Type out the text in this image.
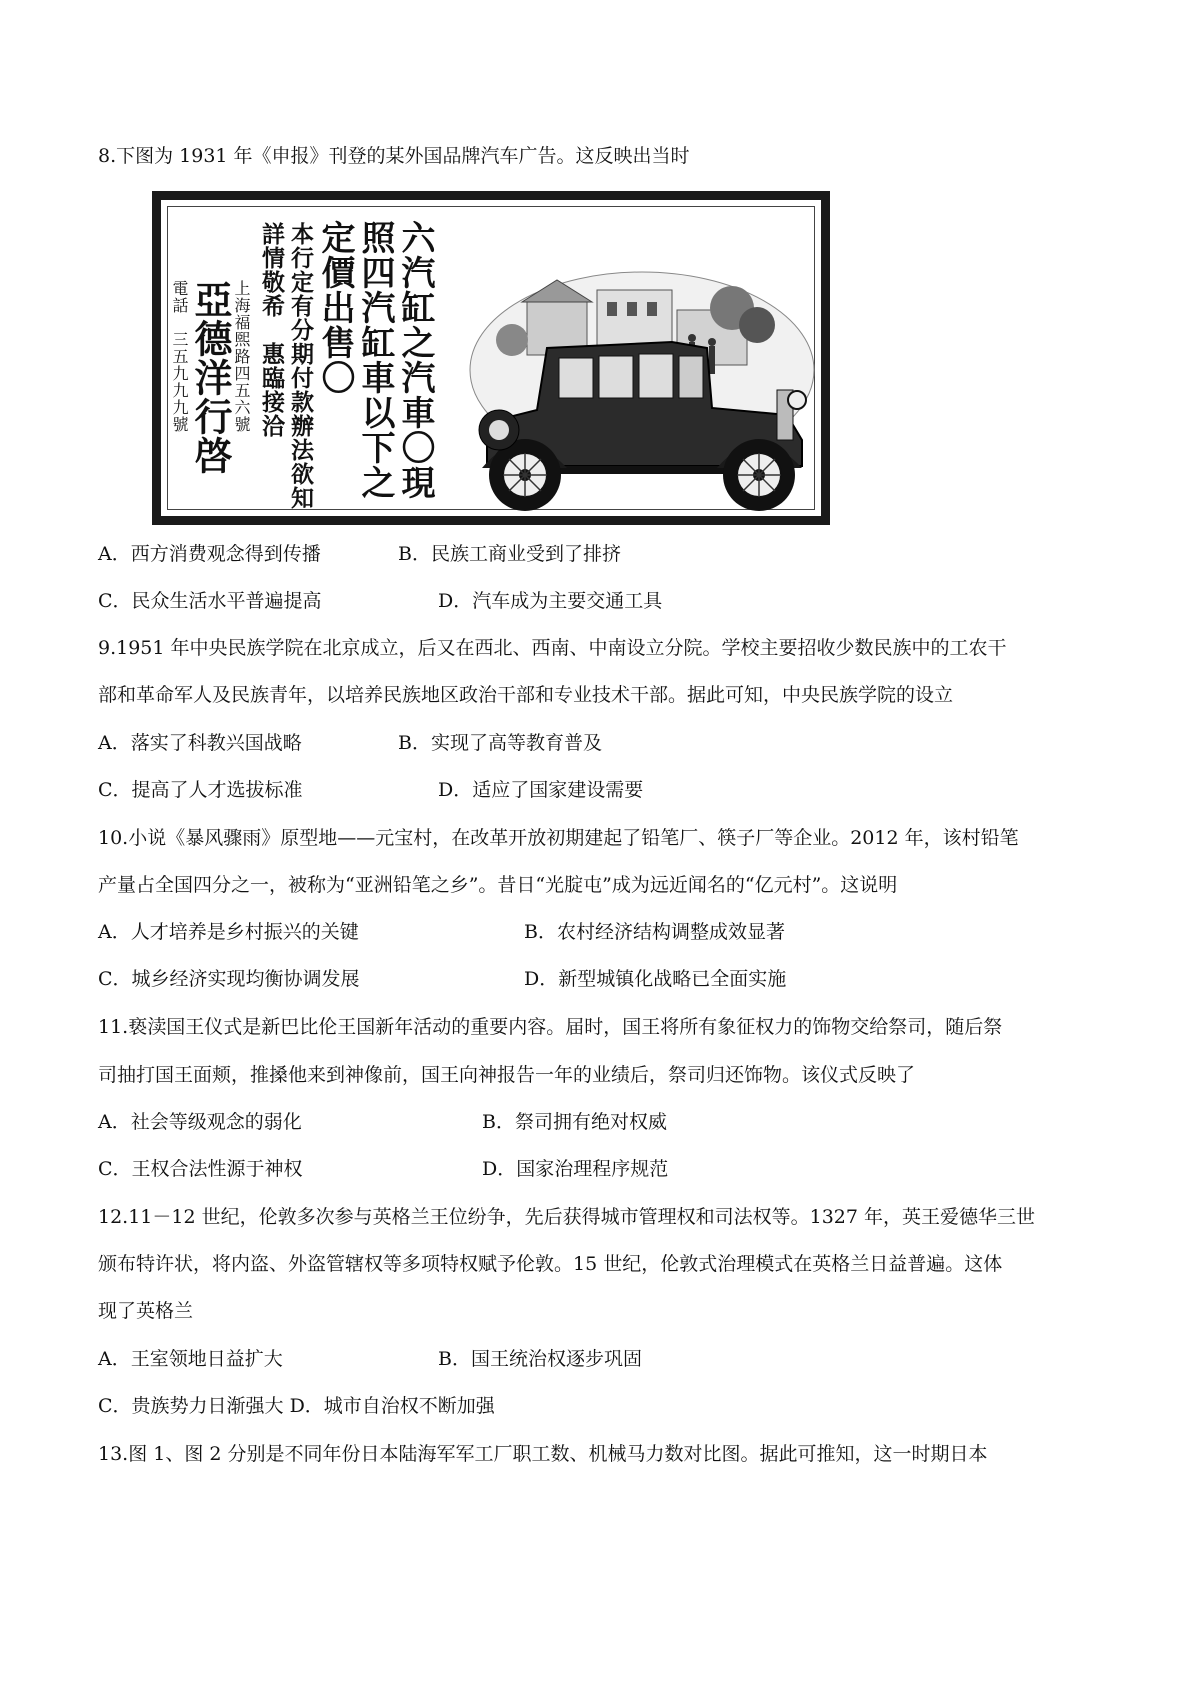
8.下图为 1931 年《申报》刊登的某外国品牌汽车广告。这反映出当时
六汽缸之汽車〇現
照四汽缸車以下之
定價出售〇
本行定有分期付款辦法欲知
詳情敬希　惠臨接洽
上海福煕路四五六號
亞德洋行啓
電話　三五九九九號
A．西方消费观念得到传播	B．民族工商业受到了排挤
C．民众生活水平普遍提高	D．汽车成为主要交通工具
9.1951 年中央民族学院在北京成立，后又在西北、西南、中南设立分院。学校主要招收少数民族中的工农干
部和革命军人及民族青年，以培养民族地区政治干部和专业技术干部。据此可知，中央民族学院的设立
A．落实了科教兴国战略	B．实现了高等教育普及
C．提高了人才选拔标准	D．适应了国家建设需要
10.小说《暴风骤雨》原型地——元宝村，在改革开放初期建起了铅笔厂、筷子厂等企业。2012 年，该村铅笔
产量占全国四分之一，被称为“亚洲铅笔之乡”。昔日“光腚屯”成为远近闻名的“亿元村”。这说明
A．人才培养是乡村振兴的关键	B．农村经济结构调整成效显著
C．城乡经济实现均衡协调发展	D．新型城镇化战略已全面实施
11.亵渎国王仪式是新巴比伦王国新年活动的重要内容。届时，国王将所有象征权力的饰物交给祭司，随后祭
司抽打国王面颊，推搡他来到神像前，国王向神报告一年的业绩后，祭司归还饰物。该仪式反映了
A．社会等级观念的弱化	B．祭司拥有绝对权威
C．王权合法性源于神权	D．国家治理程序规范
12.11－12 世纪，伦敦多次参与英格兰王位纷争，先后获得城市管理权和司法权等。1327 年，英王爱德华三世
颁布特许状，将内盗、外盗管辖权等多项特权赋予伦敦。15 世纪，伦敦式治理模式在英格兰日益普遍。这体
现了英格兰
A．王室领地日益扩大	B．国王统治权逐步巩固
C．贵族势力日渐强大 D．城市自治权不断加强
13.图 1、图 2 分别是不同年份日本陆海军军工厂职工数、机械马力数对比图。据此可推知，这一时期日本
